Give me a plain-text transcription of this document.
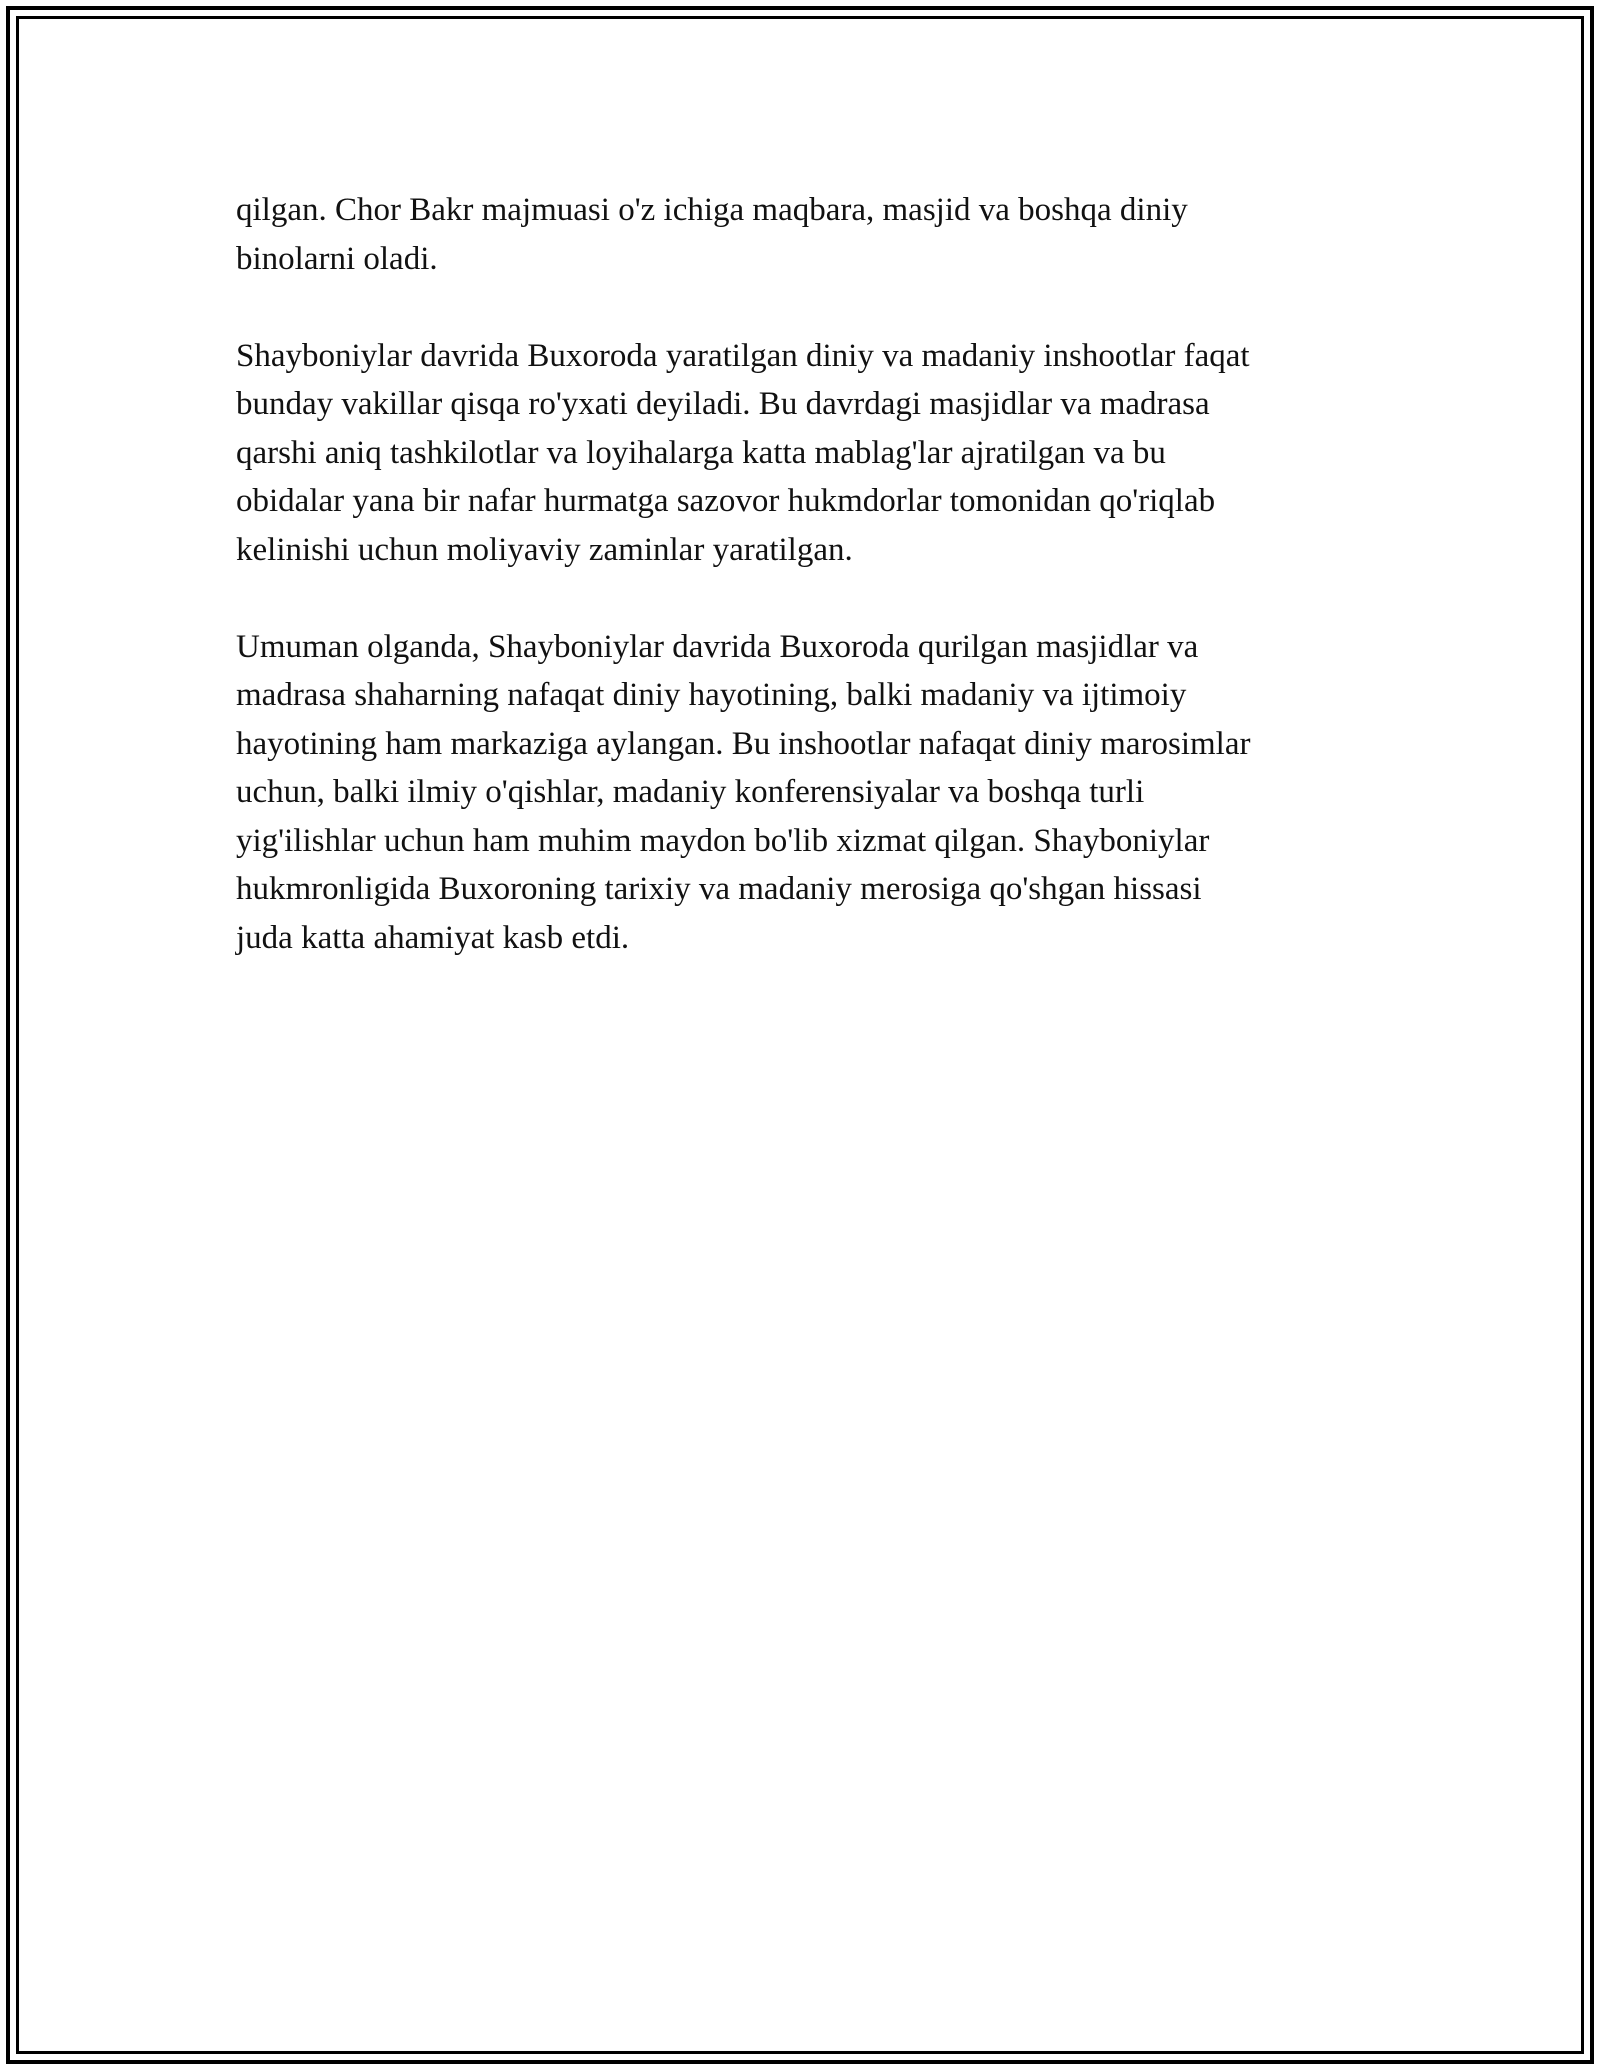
qilgan. Chor Bakr majmuasi o'z ichiga maqbara, masjid va boshqa diniy
binolarni oladi.

Shayboniylar davrida Buxoroda yaratilgan diniy va madaniy inshootlar faqat
bunday vakillar qisqa ro'yxati deyiladi. Bu davrdagi masjidlar va madrasa
qarshi aniq tashkilotlar va loyihalarga katta mablag'lar ajratilgan va bu
obidalar yana bir nafar hurmatga sazovor hukmdorlar tomonidan qo'riqlab
kelinishi uchun moliyaviy zaminlar yaratilgan.

Umuman olganda, Shayboniylar davrida Buxoroda qurilgan masjidlar va
madrasa shaharning nafaqat diniy hayotining, balki madaniy va ijtimoiy
hayotining ham markaziga aylangan. Bu inshootlar nafaqat diniy marosimlar
uchun, balki ilmiy o'qishlar, madaniy konferensiyalar va boshqa turli
yig'ilishlar uchun ham muhim maydon bo'lib xizmat qilgan. Shayboniylar
hukmronligida Buxoroning tarixiy va madaniy merosiga qo'shgan hissasi
juda katta ahamiyat kasb etdi.
